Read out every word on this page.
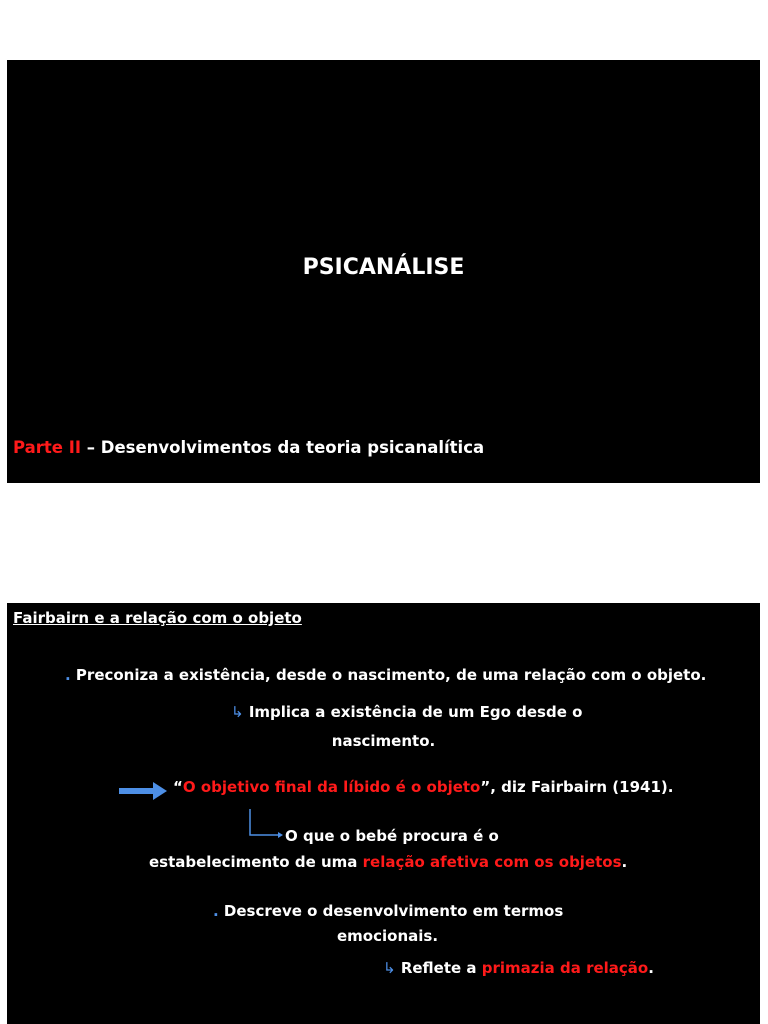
PSICANÁLISE
Parte II – Desenvolvimentos da teoria psicanalítica
Fairbairn e a relação com o objeto
. Preconiza a existência, desde o nascimento, de uma relação com o objeto.
↳ Implica a existência de um Ego desde o
nascimento.
“O objetivo final da líbido é o objeto”, diz Fairbairn (1941).
O que o bebé procura é o
estabelecimento de uma relação afetiva com os objetos.
. Descreve o desenvolvimento em termos
emocionais.
↳ Reflete a primazia da relação.
